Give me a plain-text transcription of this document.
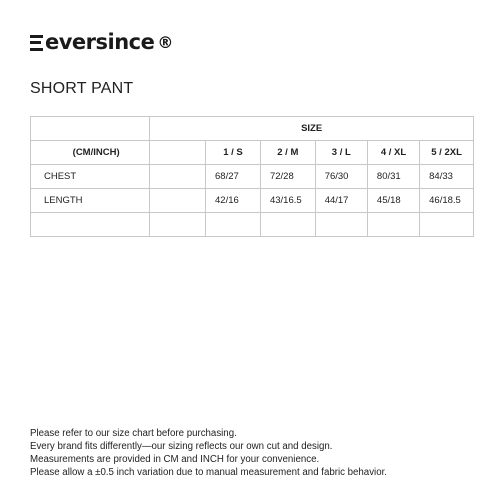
eversince ®
SHORT PANT
	SIZE					
(CM/INCH)		1 / S	2 / M	3 / L	4 / XL	5 / 2XL
CHEST		68/27	72/28	76/30	80/31	84/33
LENGTH		42/16	43/16.5	44/17	45/18	46/18.5

Please refer to our size chart before purchasing.
Every brand fits differently—our sizing reflects our own cut and design.
Measurements are provided in CM and INCH for your convenience.
Please allow a ±0.5 inch variation due to manual measurement and fabric behavior.
